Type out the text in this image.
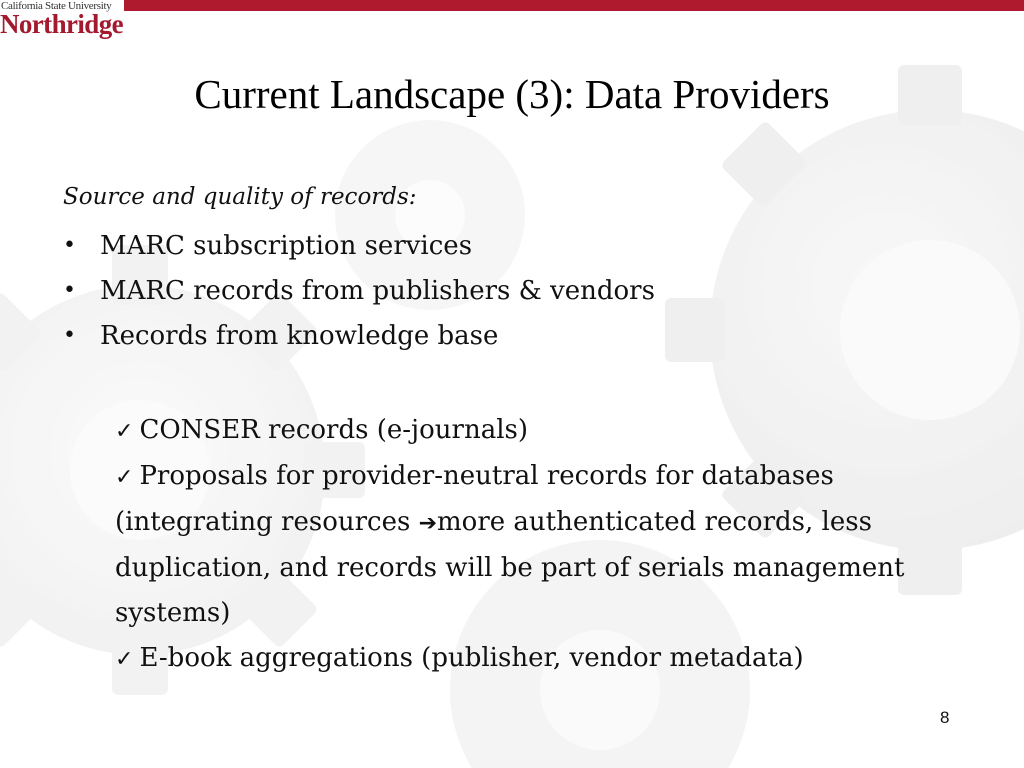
California State University
Northridge
Current Landscape (3): Data Providers
Source and quality of records:
• MARC subscription services
• MARC records from publishers & vendors
• Records from knowledge base
✓ CONSER records (e-journals)
✓ Proposals for provider-neutral records for databases (integrating resources ➔more authenticated records, less duplication, and records will be part of serials management systems)
✓ E-book aggregations (publisher, vendor metadata)
8
